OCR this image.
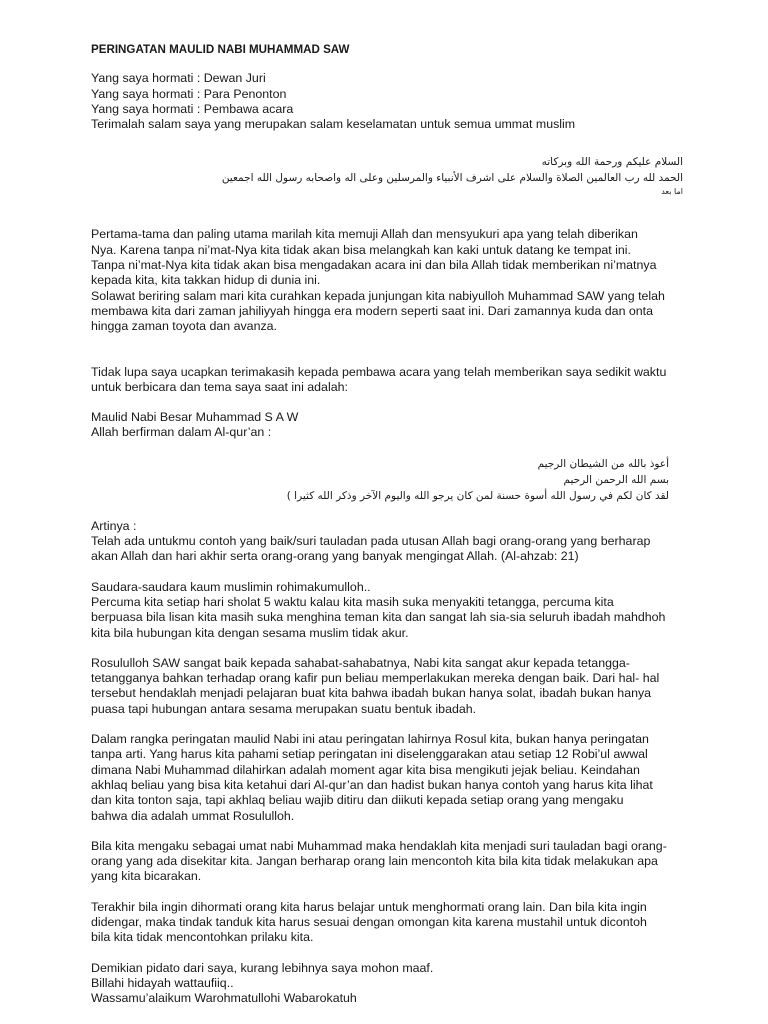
PERINGATAN MAULID NABI MUHAMMAD SAW
Yang saya hormati : Dewan Juri
Yang saya hormati : Para Penonton
Yang saya hormati : Pembawa acara
Terimalah salam saya yang merupakan salam keselamatan untuk semua ummat muslim
السلام عليكم ورحمة الله وبركاته
الحمد لله رب العالمين الصلاة والسلام على اشرف الأنبياء والمرسلين وعلى اله واصحابه رسول الله اجمعين
اما بعد
Pertama-tama dan paling utama marilah kita memuji Allah dan mensyukuri apa yang telah diberikan
Nya. Karena tanpa ni’mat-Nya kita tidak akan bisa melangkah kan kaki untuk datang ke tempat ini.
Tanpa ni’mat-Nya kita tidak akan bisa mengadakan acara ini dan bila Allah tidak memberikan ni’matnya
kepada kita, kita takkan hidup di dunia ini.
Solawat beriring salam mari kita curahkan kepada junjungan kita nabiyulloh Muhammad SAW yang telah
membawa kita dari zaman jahiliyyah hingga era modern seperti saat ini. Dari zamannya kuda dan onta
hingga zaman toyota dan avanza.
Tidak lupa saya ucapkan terimakasih kepada pembawa acara yang telah memberikan saya sedikit waktu
untuk berbicara dan tema saya saat ini adalah:
Maulid Nabi Besar Muhammad S A W
Allah berfirman dalam Al-qur’an :
أعوذ بالله من الشيطان الرجيم
بسم الله الرحمن الرحيم
لقد كان لكم في رسول الله أسوة حسنة لمن كان يرجو الله واليوم الآخر وذكر الله كثيرا )
Artinya :
Telah ada untukmu contoh yang baik/suri tauladan pada utusan Allah bagi orang-orang yang berharap
akan Allah dan hari akhir serta orang-orang yang banyak mengingat Allah. (Al-ahzab: 21)
Saudara-saudara kaum muslimin rohimakumulloh..
Percuma kita setiap hari sholat 5 waktu kalau kita masih suka menyakiti tetangga, percuma kita
berpuasa bila lisan kita masih suka menghina teman kita dan sangat lah sia-sia seluruh ibadah mahdhoh
kita bila hubungan kita dengan sesama muslim tidak akur.
Rosululloh SAW sangat baik kepada sahabat-sahabatnya, Nabi kita sangat akur kepada tetangga-
tetangganya bahkan terhadap orang kafir pun beliau memperlakukan mereka dengan baik. Dari hal- hal
tersebut hendaklah menjadi pelajaran buat kita bahwa ibadah bukan hanya solat, ibadah bukan hanya
puasa tapi hubungan antara sesama merupakan suatu bentuk ibadah.
Dalam rangka peringatan maulid Nabi ini atau peringatan lahirnya Rosul kita, bukan hanya peringatan
tanpa arti. Yang harus kita pahami setiap peringatan ini diselenggarakan atau setiap 12 Robi’ul awwal
dimana Nabi Muhammad dilahirkan adalah moment agar kita bisa mengikuti jejak beliau. Keindahan
akhlaq beliau yang bisa kita ketahui dari Al-qur’an dan hadist bukan hanya contoh yang harus kita lihat
dan kita tonton saja, tapi akhlaq beliau wajib ditiru dan diikuti kepada setiap orang yang mengaku
bahwa dia adalah ummat Rosululloh.
Bila kita mengaku sebagai umat nabi Muhammad maka hendaklah kita menjadi suri tauladan bagi orang-
orang yang ada disekitar kita. Jangan berharap orang lain mencontoh kita bila kita tidak melakukan apa
yang kita bicarakan.
Terakhir bila ingin dihormati orang kita harus belajar untuk menghormati orang lain. Dan bila kita ingin
didengar, maka tindak tanduk kita harus sesuai dengan omongan kita karena mustahil untuk dicontoh
bila kita tidak mencontohkan prilaku kita.
Demikian pidato dari saya, kurang lebihnya saya mohon maaf.
Billahi hidayah wattaufiiq..
Wassamu’alaikum Warohmatullohi Wabarokatuh
